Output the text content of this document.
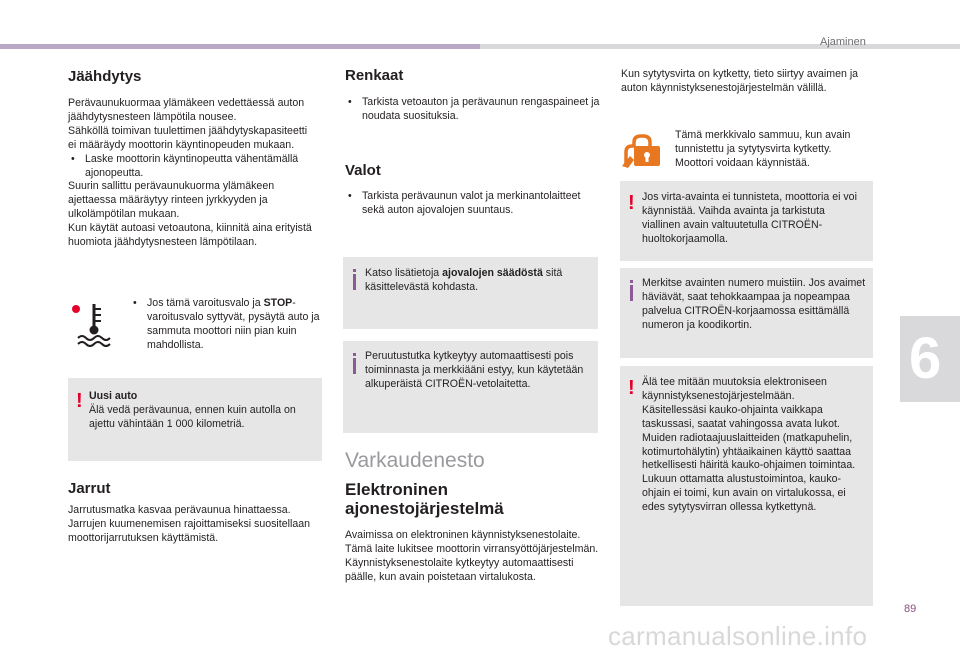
Ajaminen
6
Jäähdytys

Perävaunukuormaa ylämäkeen vedettäessä auton

jäähdytysnesteen lämpötila nousee.

Sähköllä toimivan tuulettimen jäähdytyskapasiteetti

ei määräydy moottorin käyntinopeuden mukaan.

• Laske moottorin käyntinopeutta vähentämällä ajonopeutta.

Suurin sallittu perävaunukuorma ylämäkeen

ajettaessa määräytyy rinteen jyrkkyyden ja

ulkolämpötilan mukaan.

Kun käytät autoasi vetoautona, kiinnitä aina erityistä

huomiota jäähdytysnesteen lämpötilaan.

• Jos tämä varoitusvalo ja STOP-varoitusvalo syttyvät, pysäytä auto ja sammuta moottori niin pian kuin mahdollista.

! Uusi auto

Älä vedä perävaunua, ennen kuin autolla on ajettu vähintään 1 000 kilometriä.

Jarrut
Jarrutusmatka kasvaa perävaunua hinattaessa. Jarrujen kuumenemisen rajoittamiseksi suositellaan moottorijarrutuksen käyttämistä.
Renkaat

• Tarkista vetoauton ja perävaunun rengaspaineet ja noudata suosituksia.

Valot

• Tarkista perävaunun valot ja merkinantolaitteet sekä auton ajovalojen suuntaus.

Katso lisätietoja ajovalojen säädöstä sitä käsittelevästä kohdasta.

Peruutustutka kytkeytyy automaattisesti pois toiminnasta ja merkkiääni estyy, kun käytetään alkuperäistä CITROËN-vetolaitetta.
Varkaudenesto
Elektroninen
ajonestojärjestelmä
Avaimissa on elektroninen käynnistyksenestolaite. Tämä laite lukitsee moottorin virransyöttöjärjestelmän. Käynnistyksenestolaite kytkeytyy automaattisesti päälle, kun avain poistetaan virtalukosta.
Kun sytytysvirta on kytketty, tieto siirtyy avaimen ja auton käynnistyksenestojärjestelmän välillä.
Tämä merkkivalo sammuu, kun avain tunnistettu ja sytytysvirta kytketty. Moottori voidaan käynnistää.
! Jos virta-avainta ei tunnisteta, moottoria ei voi käynnistää. Vaihda avainta ja tarkistuta viallinen avain valtuutetulla CITROËN-huoltokorjaamolla.
Merkitse avainten numero muistiin. Jos avaimet häviävät, saat tehokkaampaa ja nopeampaa palvelua CITROËN-korjaamossa esittämällä numeron ja koodikortin.
! Älä tee mitään muutoksia elektroniseen

käynnistyksenestojärjestelmään.

Käsitellessäsi kauko-ohjainta vaikkapa

taskussasi, saatat vahingossa avata lukot.

Muiden radiotaajuuslaitteiden (matkapuhelin,

kotimurtohälytin) yhtäaikainen käyttö saattaa

hetkellisesti häiritä kauko-ohjaimen toimintaa.

Lukuun ottamatta alustustoimintoa, kauko-

ohjain ei toimi, kun avain on virtalukossa, ei

edes sytytysvirran ollessa kytkettynä.

89
carmanualsonline.info
